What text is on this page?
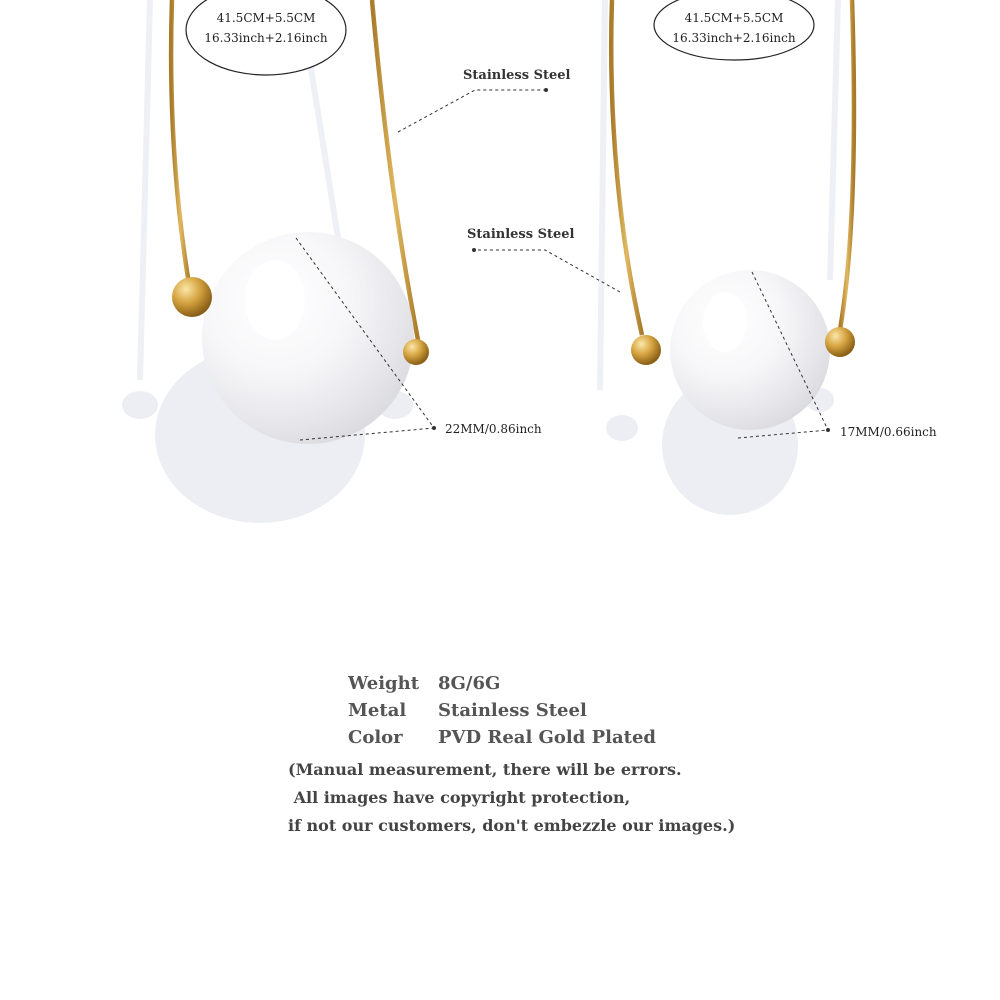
41.5CM+5.5CM
16.33inch+2.16inch
Stainless Steel
22MM/0.86inch
41.5CM+5.5CM
16.33inch+2.16inch
Stainless Steel
17MM/0.66inch
Weight 8G/6G
Metal Stainless Steel
Color PVD Real Gold Plated
(Manual measurement, there will be errors.
All images have copyright protection,
if not our customers, don't embezzle our images.)
